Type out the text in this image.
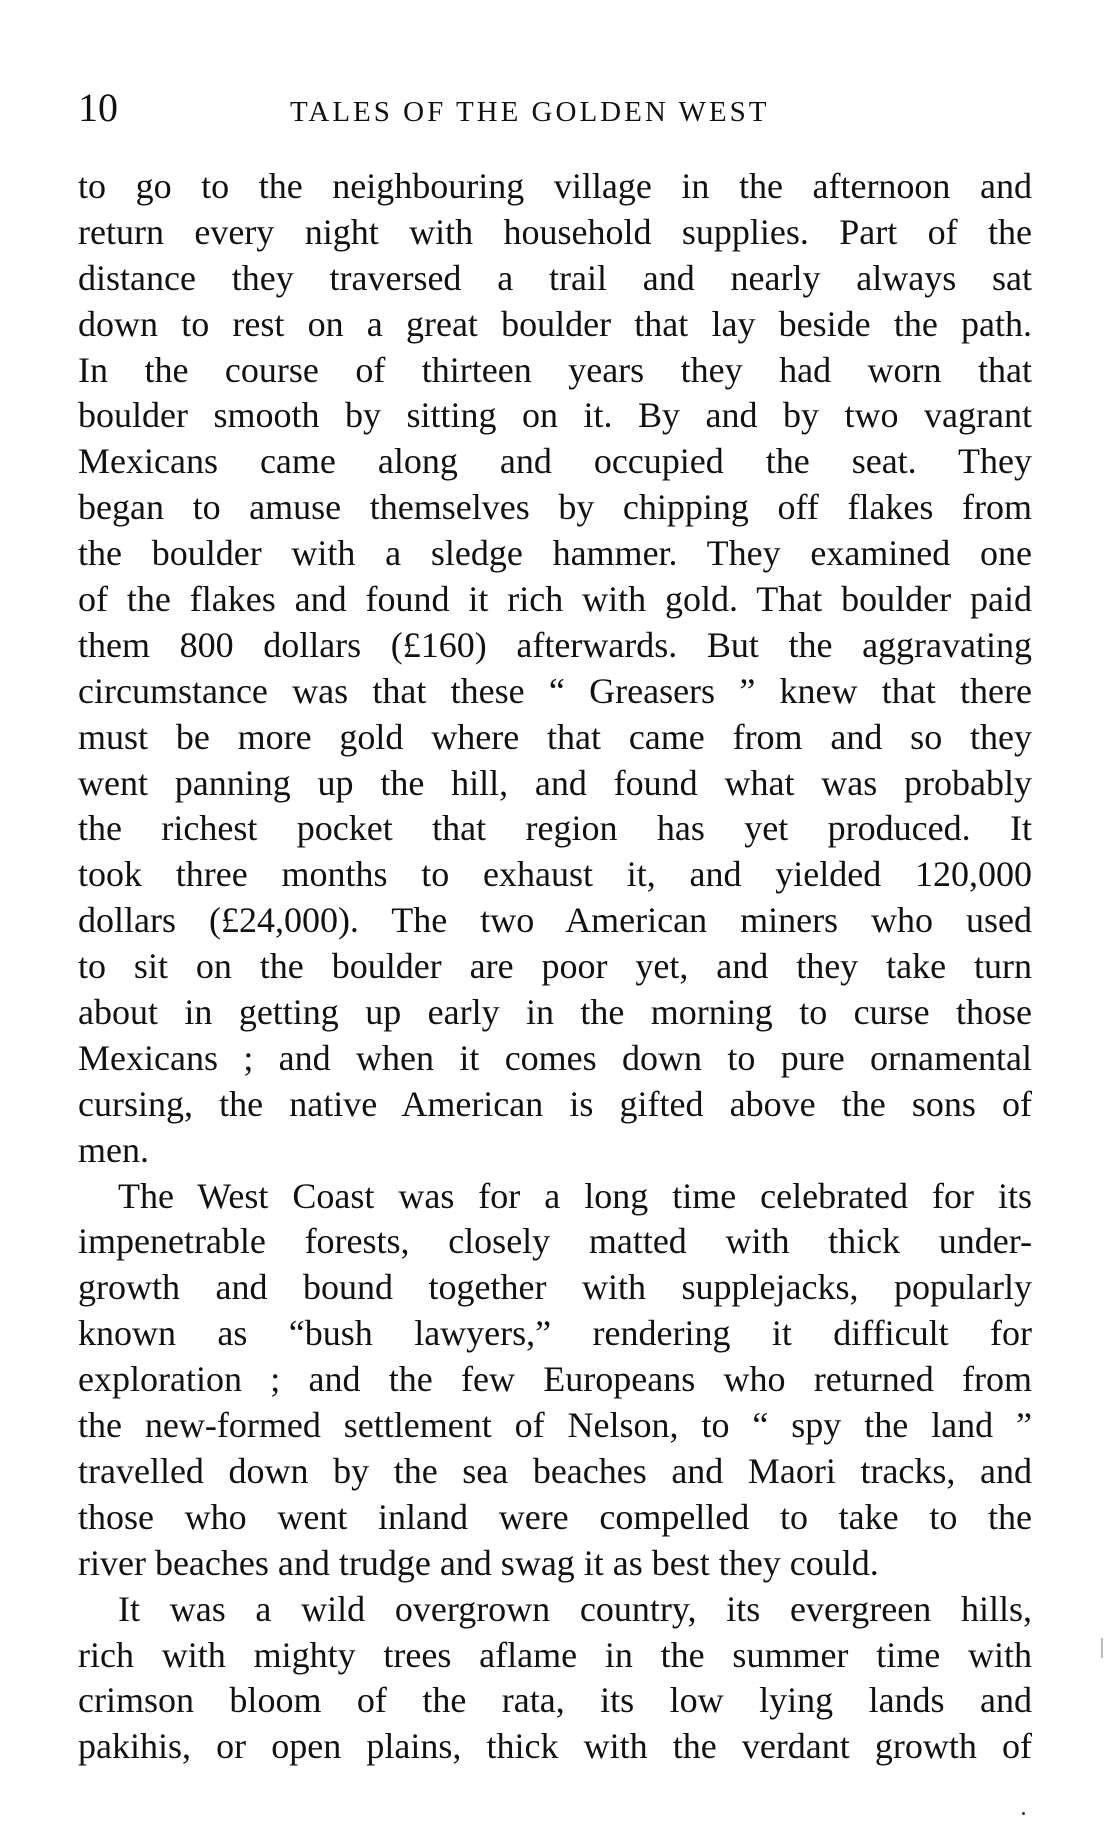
10	TALES OF THE GOLDEN WEST
to go to the neighbouring village in the afternoon and
return every night with household supplies. Part of the
distance they traversed a trail and nearly always sat
down to rest on a great boulder that lay beside the path.
In the course of thirteen years they had worn that
boulder smooth by sitting on it. By and by two vagrant
Mexicans came along and occupied the seat. They
began to amuse themselves by chipping off flakes from
the boulder with a sledge hammer. They examined one
of the flakes and found it rich with gold. That boulder paid
them 800 dollars (£160) afterwards. But the aggravating
circumstance was that these “ Greasers ” knew that there
must be more gold where that came from and so they
went panning up the hill, and found what was probably
the richest pocket that region has yet produced. It
took three months to exhaust it, and yielded 120,000
dollars (£24,000). The two American miners who used
to sit on the boulder are poor yet, and they take turn
about in getting up early in the morning to curse those
Mexicans ; and when it comes down to pure ornamental
cursing, the native American is gifted above the sons of
men.
The West Coast was for a long time celebrated for its
impenetrable forests, closely matted with thick under-
growth and bound together with supplejacks, popularly
known as “bush lawyers,” rendering it difficult for
exploration ; and the few Europeans who returned from
the new-formed settlement of Nelson, to “ spy the land ”
travelled down by the sea beaches and Maori tracks, and
those who went inland were compelled to take to the
river beaches and trudge and swag it as best they could.
It was a wild overgrown country, its evergreen hills,
rich with mighty trees aflame in the summer time with
crimson bloom of the rata, its low lying lands and
pakihis, or open plains, thick with the verdant growth of
